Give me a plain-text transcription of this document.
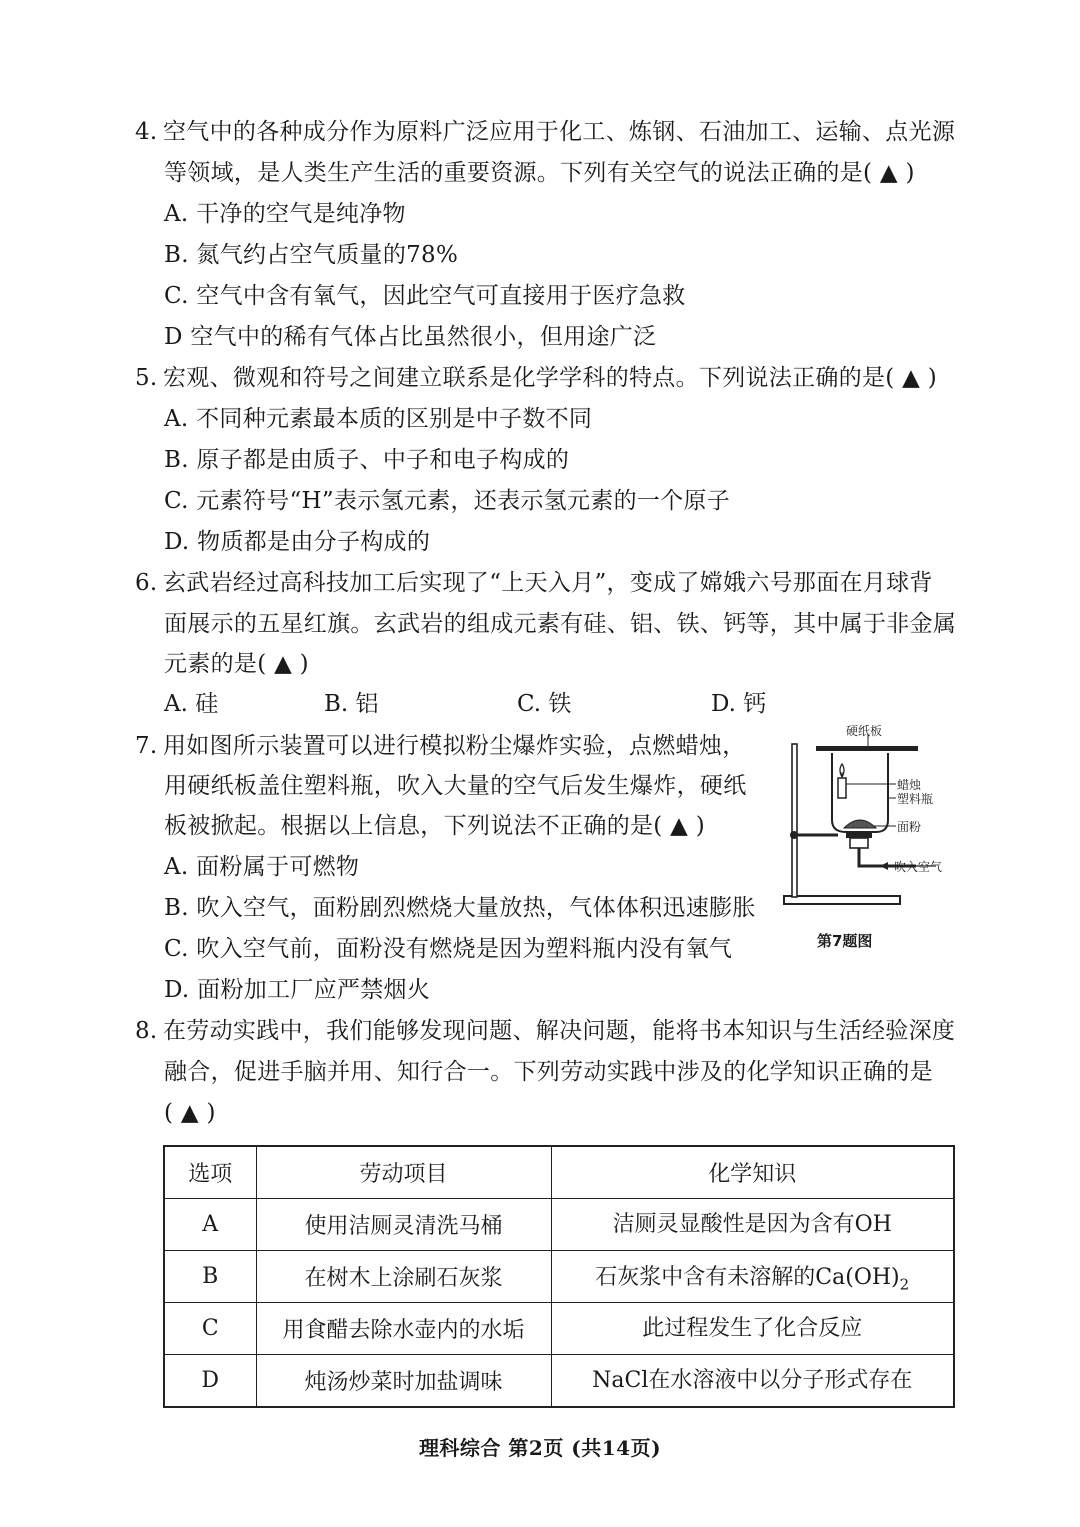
4. 空气中的各种成分作为原料广泛应用于化工、炼钢、石油加工、运输、点光源
等领域，是人类生产生活的重要资源。下列有关空气的说法正确的是( ▲ )
A. 干净的空气是纯净物
B. 氮气约占空气质量的78%
C. 空气中含有氧气，因此空气可直接用于医疗急救
D 空气中的稀有气体占比虽然很小，但用途广泛
5. 宏观、微观和符号之间建立联系是化学学科的特点。下列说法正确的是( ▲ )
A. 不同种元素最本质的区别是中子数不同
B. 原子都是由质子、中子和电子构成的
C. 元素符号“H”表示氢元素，还表示氢元素的一个原子
D. 物质都是由分子构成的
6. 玄武岩经过高科技加工后实现了“上天入月”，变成了嫦娥六号那面在月球背
面展示的五星红旗。玄武岩的组成元素有硅、铝、铁、钙等，其中属于非金属
元素的是( ▲ )
A. 硅	B. 铝	C. 铁	D. 钙
7. 用如图所示装置可以进行模拟粉尘爆炸实验，点燃蜡烛，
用硬纸板盖住塑料瓶，吹入大量的空气后发生爆炸，硬纸
板被掀起。根据以上信息，下列说法不正确的是( ▲ )
A. 面粉属于可燃物
B. 吹入空气，面粉剧烈燃烧大量放热，气体体积迅速膨胀
C. 吹入空气前，面粉没有燃烧是因为塑料瓶内没有氧气
D. 面粉加工厂应严禁烟火
硬纸板
蜡烛
塑料瓶
面粉
吹入空气
第7题图
8. 在劳动实践中，我们能够发现问题、解决问题，能将书本知识与生活经验深度
融合，促进手脑并用、知行合一。下列劳动实践中涉及的化学知识正确的是
( ▲ )
选项	劳动项目	化学知识
A	使用洁厕灵清洗马桶	洁厕灵显酸性是因为含有OH
B	在树木上涂刷石灰浆	石灰浆中含有未溶解的$Ca(OH)_2$
C	用食醋去除水壶内的水垢	此过程发生了化合反应
D	炖汤炒菜时加盐调味	NaCl在水溶液中以分子形式存在
理科综合 第2页 (共14页)
